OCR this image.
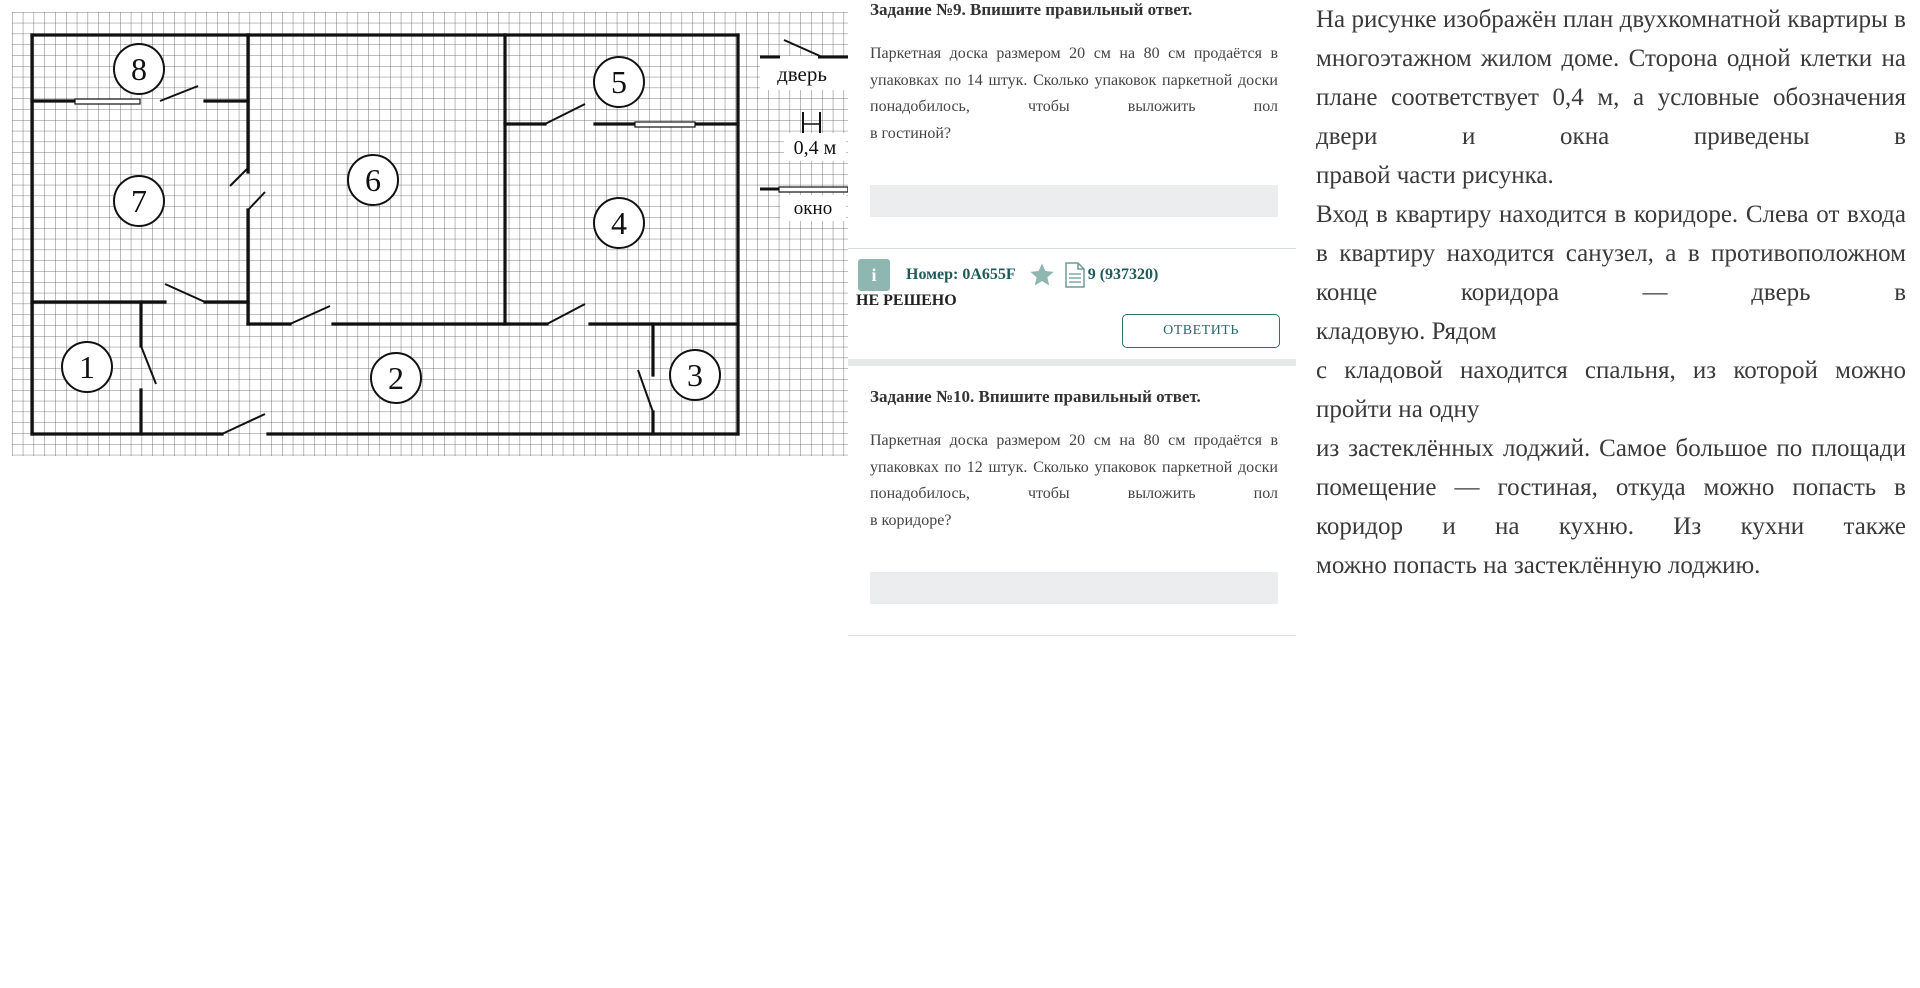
1	2	3
4
5
6
7
8	дверь
0,4 м
окно
Задание №9. Впишите правильный ответ.
Паркетная доска размером 20 см на 80 см продаётся в упаковках по 14 штук. Сколько упаковок паркетной доски понадобилось, чтобы выложить пол
в гостиной?
i	Номер: 0A655F	9 (937320)
НЕ РЕШЕНО
ОТВЕТИТЬ
Задание №10. Впишите правильный ответ.
Паркетная доска размером 20 см на 80 см продаётся в упаковках по 12 штук. Сколько упаковок паркетной доски понадобилось, чтобы выложить пол
в коридоре?
На рисунке изображён план двухкомнатной квартиры в многоэтажном жилом доме. Сторона одной клетки на плане соответствует 0,4 м, а условные обозначения двери и окна приведены в
правой части рисунка.
Вход в квартиру находится в коридоре. Слева от входа в квартиру находится санузел, а в противоположном конце коридора — дверь в
кладовую. Рядом
с кладовой находится спальня, из которой можно
пройти на одну
из застеклённых лоджий. Самое большое по площади помещение — гостиная, откуда можно попасть в коридор и на кухню. Из кухни также
можно попасть на застеклённую лоджию.
